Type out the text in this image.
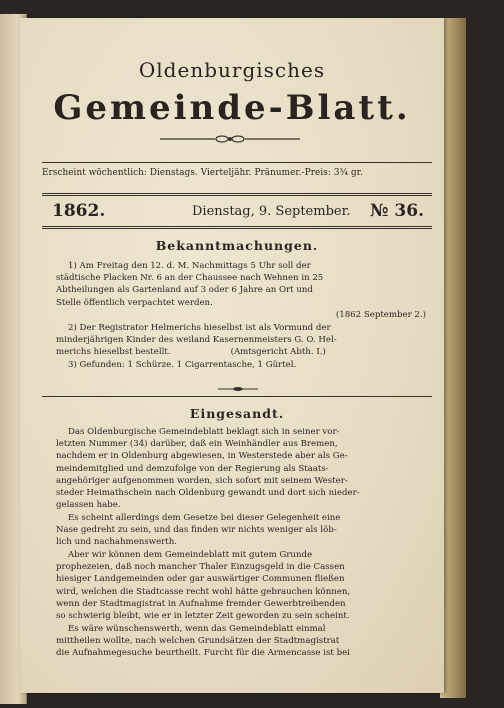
Oldenburgisches
Gemeinde-Blatt.
Erscheint wöchentlich: Dienstags. Vierteljähr. Pränumer.-Preis: 3¾ gr.
1862.	Dienstag, 9. September. № 36.
Bekanntmachungen.
1) Am Freitag den 12. d. M. Nachmittags 5 Uhr soll der
städtische Placken Nr. 6 an der Chaussee nach Wehnen in 25
Abtheilungen als Gartenland auf 3 oder 6 Jahre an Ort und
Stelle öffentlich verpachtet werden.
(1862 September 2.)
2) Der Registrator Helmerichs hieselbst ist als Vormund der
minderjährigen Kinder des weiland Kasernenmeisters G. O. Hel-
merichs hieselbst bestellt.                      (Amtsgericht Abth. I.)
3) Gefunden: 1 Schürze. 1 Cigarrentasche, 1 Gürtel.
Eingesandt.
Das Oldenburgische Gemeindeblatt beklagt sich in seiner vor-
letzten Nummer (34) darüber, daß ein Weinhändler aus Bremen,
nachdem er in Oldenburg abgewiesen, in Westerstede aber als Ge-
meindemitglied und demzufolge von der Regierung als Staats-
angehöriger aufgenommen worden, sich sofort mit seinem Wester-
steder Heimathschein nach Oldenburg gewandt und dort sich nieder-
gelassen habe.
Es scheint allerdings dem Gesetze bei dieser Gelegenheit eine
Nase gedreht zu sein, und das finden wir nichts weniger als löb-
lich und nachahmenswerth.
Aber wir können dem Gemeindeblatt mit gutem Grunde
prophezeien, daß noch mancher Thaler Einzugsgeld in die Cassen
hiesiger Landgemeinden oder gar auswärtiger Communen fließen
wird, welchen die Stadtcasse recht wohl hätte gebrauchen können,
wenn der Stadtmagistrat in Aufnahme fremder Gewerbtreibenden
so schwierig bleibt, wie er in letzter Zeit geworden zu sein scheint.
Es wäre wünschenswerth, wenn das Gemeindeblatt einmal
mittheilen wollte, nach welchen Grundsätzen der Stadtmagistrat
die Aufnahmegesuche beurtheilt. Furcht für die Armencasse ist bei
